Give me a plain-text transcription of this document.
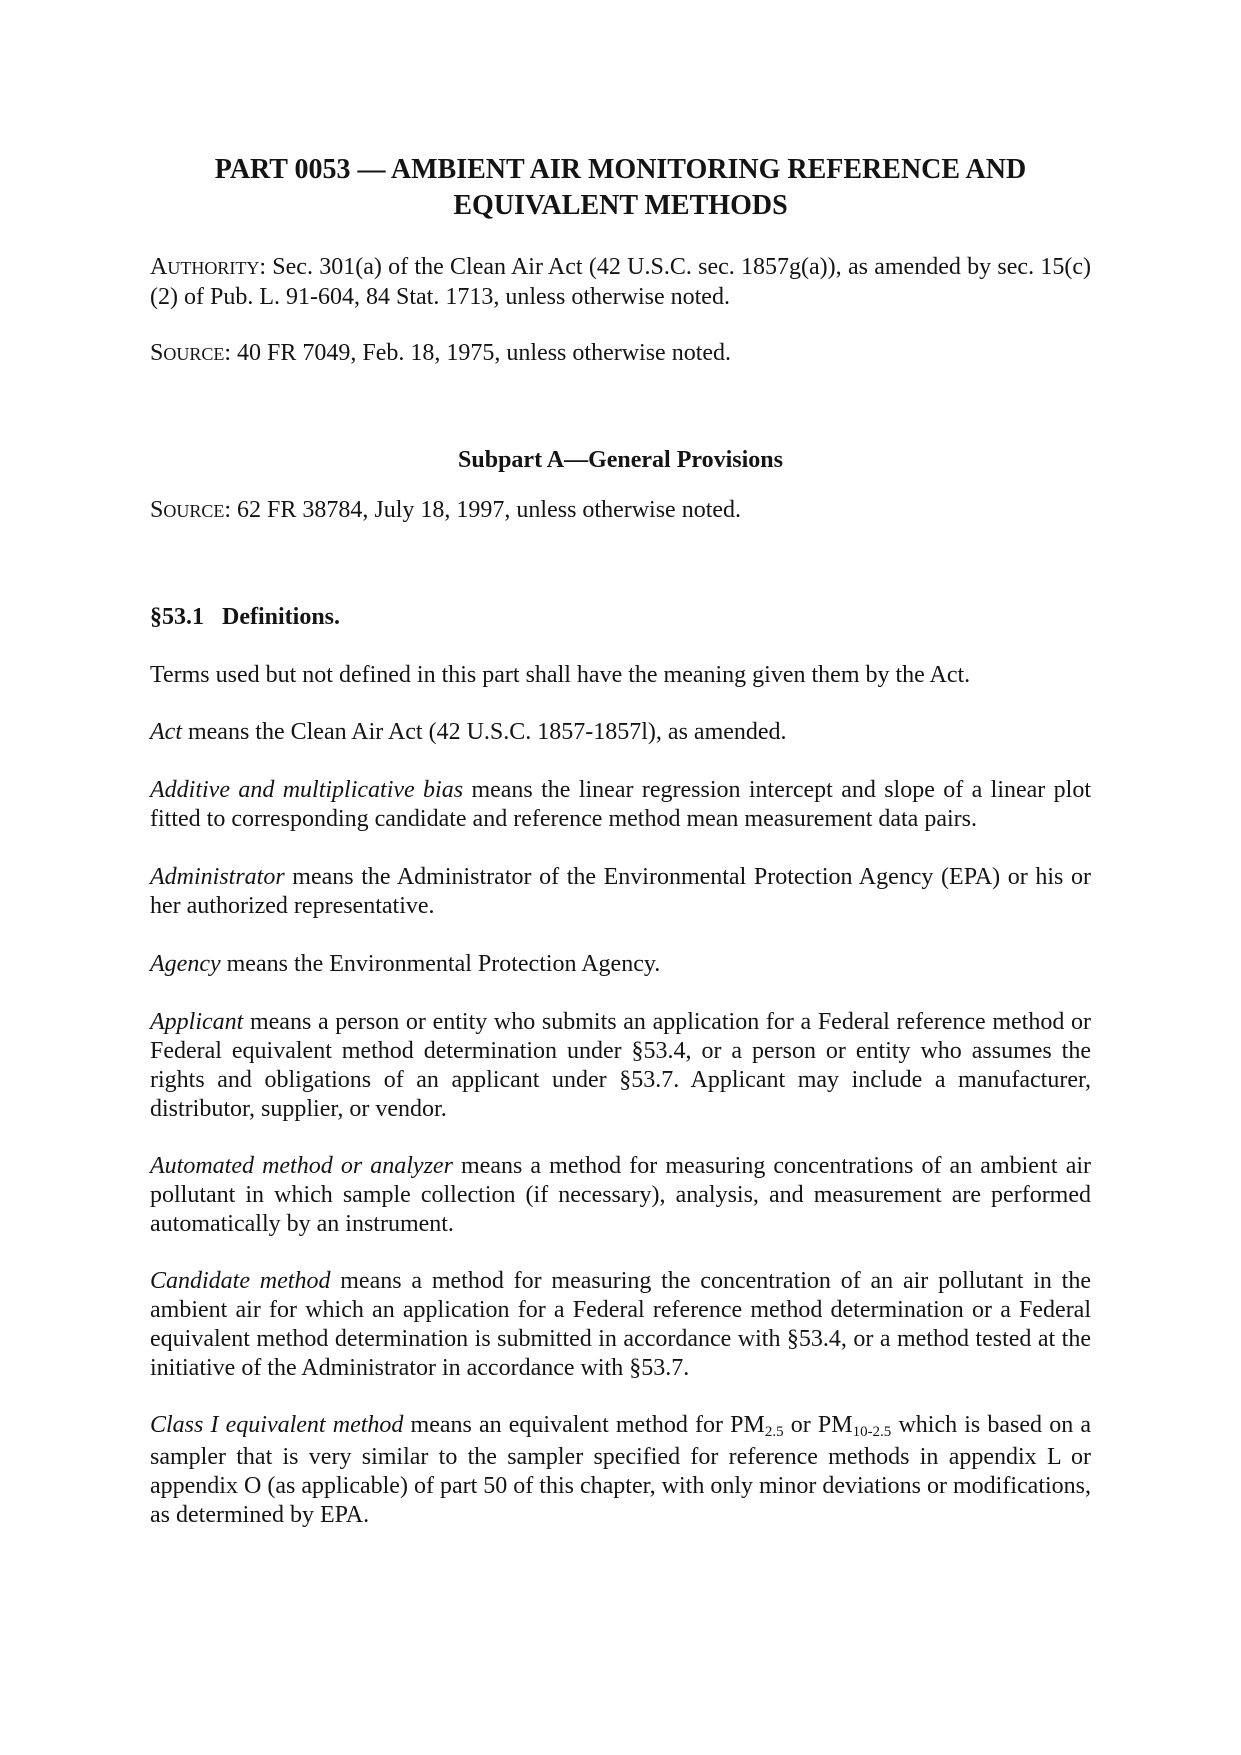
PART 0053 — AMBIENT AIR MONITORING REFERENCE AND
EQUIVALENT METHODS

AUTHORITY: Sec. 301(a) of the Clean Air Act (42 U.S.C. sec. 1857g(a)), as amended by sec. 15(c)(2) of Pub. L. 91-604, 84 Stat. 1713, unless otherwise noted.

SOURCE: 40 FR 7049, Feb. 18, 1975, unless otherwise noted.

Subpart A—General Provisions

SOURCE: 62 FR 38784, July 18, 1997, unless otherwise noted.

§53.1 Definitions.

Terms used but not defined in this part shall have the meaning given them by the Act.

Act means the Clean Air Act (42 U.S.C. 1857-1857l), as amended.

Additive and multiplicative bias means the linear regression intercept and slope of a linear plot fitted to corresponding candidate and reference method mean measurement data pairs.

Administrator means the Administrator of the Environmental Protection Agency (EPA) or his or her authorized representative.

Agency means the Environmental Protection Agency.

Applicant means a person or entity who submits an application for a Federal reference method or Federal equivalent method determination under §53.4, or a person or entity who assumes the rights and obligations of an applicant under §53.7. Applicant may include a manufacturer, distributor, supplier, or vendor.

Automated method or analyzer means a method for measuring concentrations of an ambient air pollutant in which sample collection (if necessary), analysis, and measurement are performed automatically by an instrument.

Candidate method means a method for measuring the concentration of an air pollutant in the ambient air for which an application for a Federal reference method determination or a Federal equivalent method determination is submitted in accordance with §53.4, or a method tested at the initiative of the Administrator in accordance with §53.7.

Class I equivalent method means an equivalent method for $PM_{2.5}$ or $PM_{10-2.5}$ which is based on a sampler that is very similar to the sampler specified for reference methods in appendix L or appendix O (as applicable) of part 50 of this chapter, with only minor deviations or modifications, as determined by EPA.
